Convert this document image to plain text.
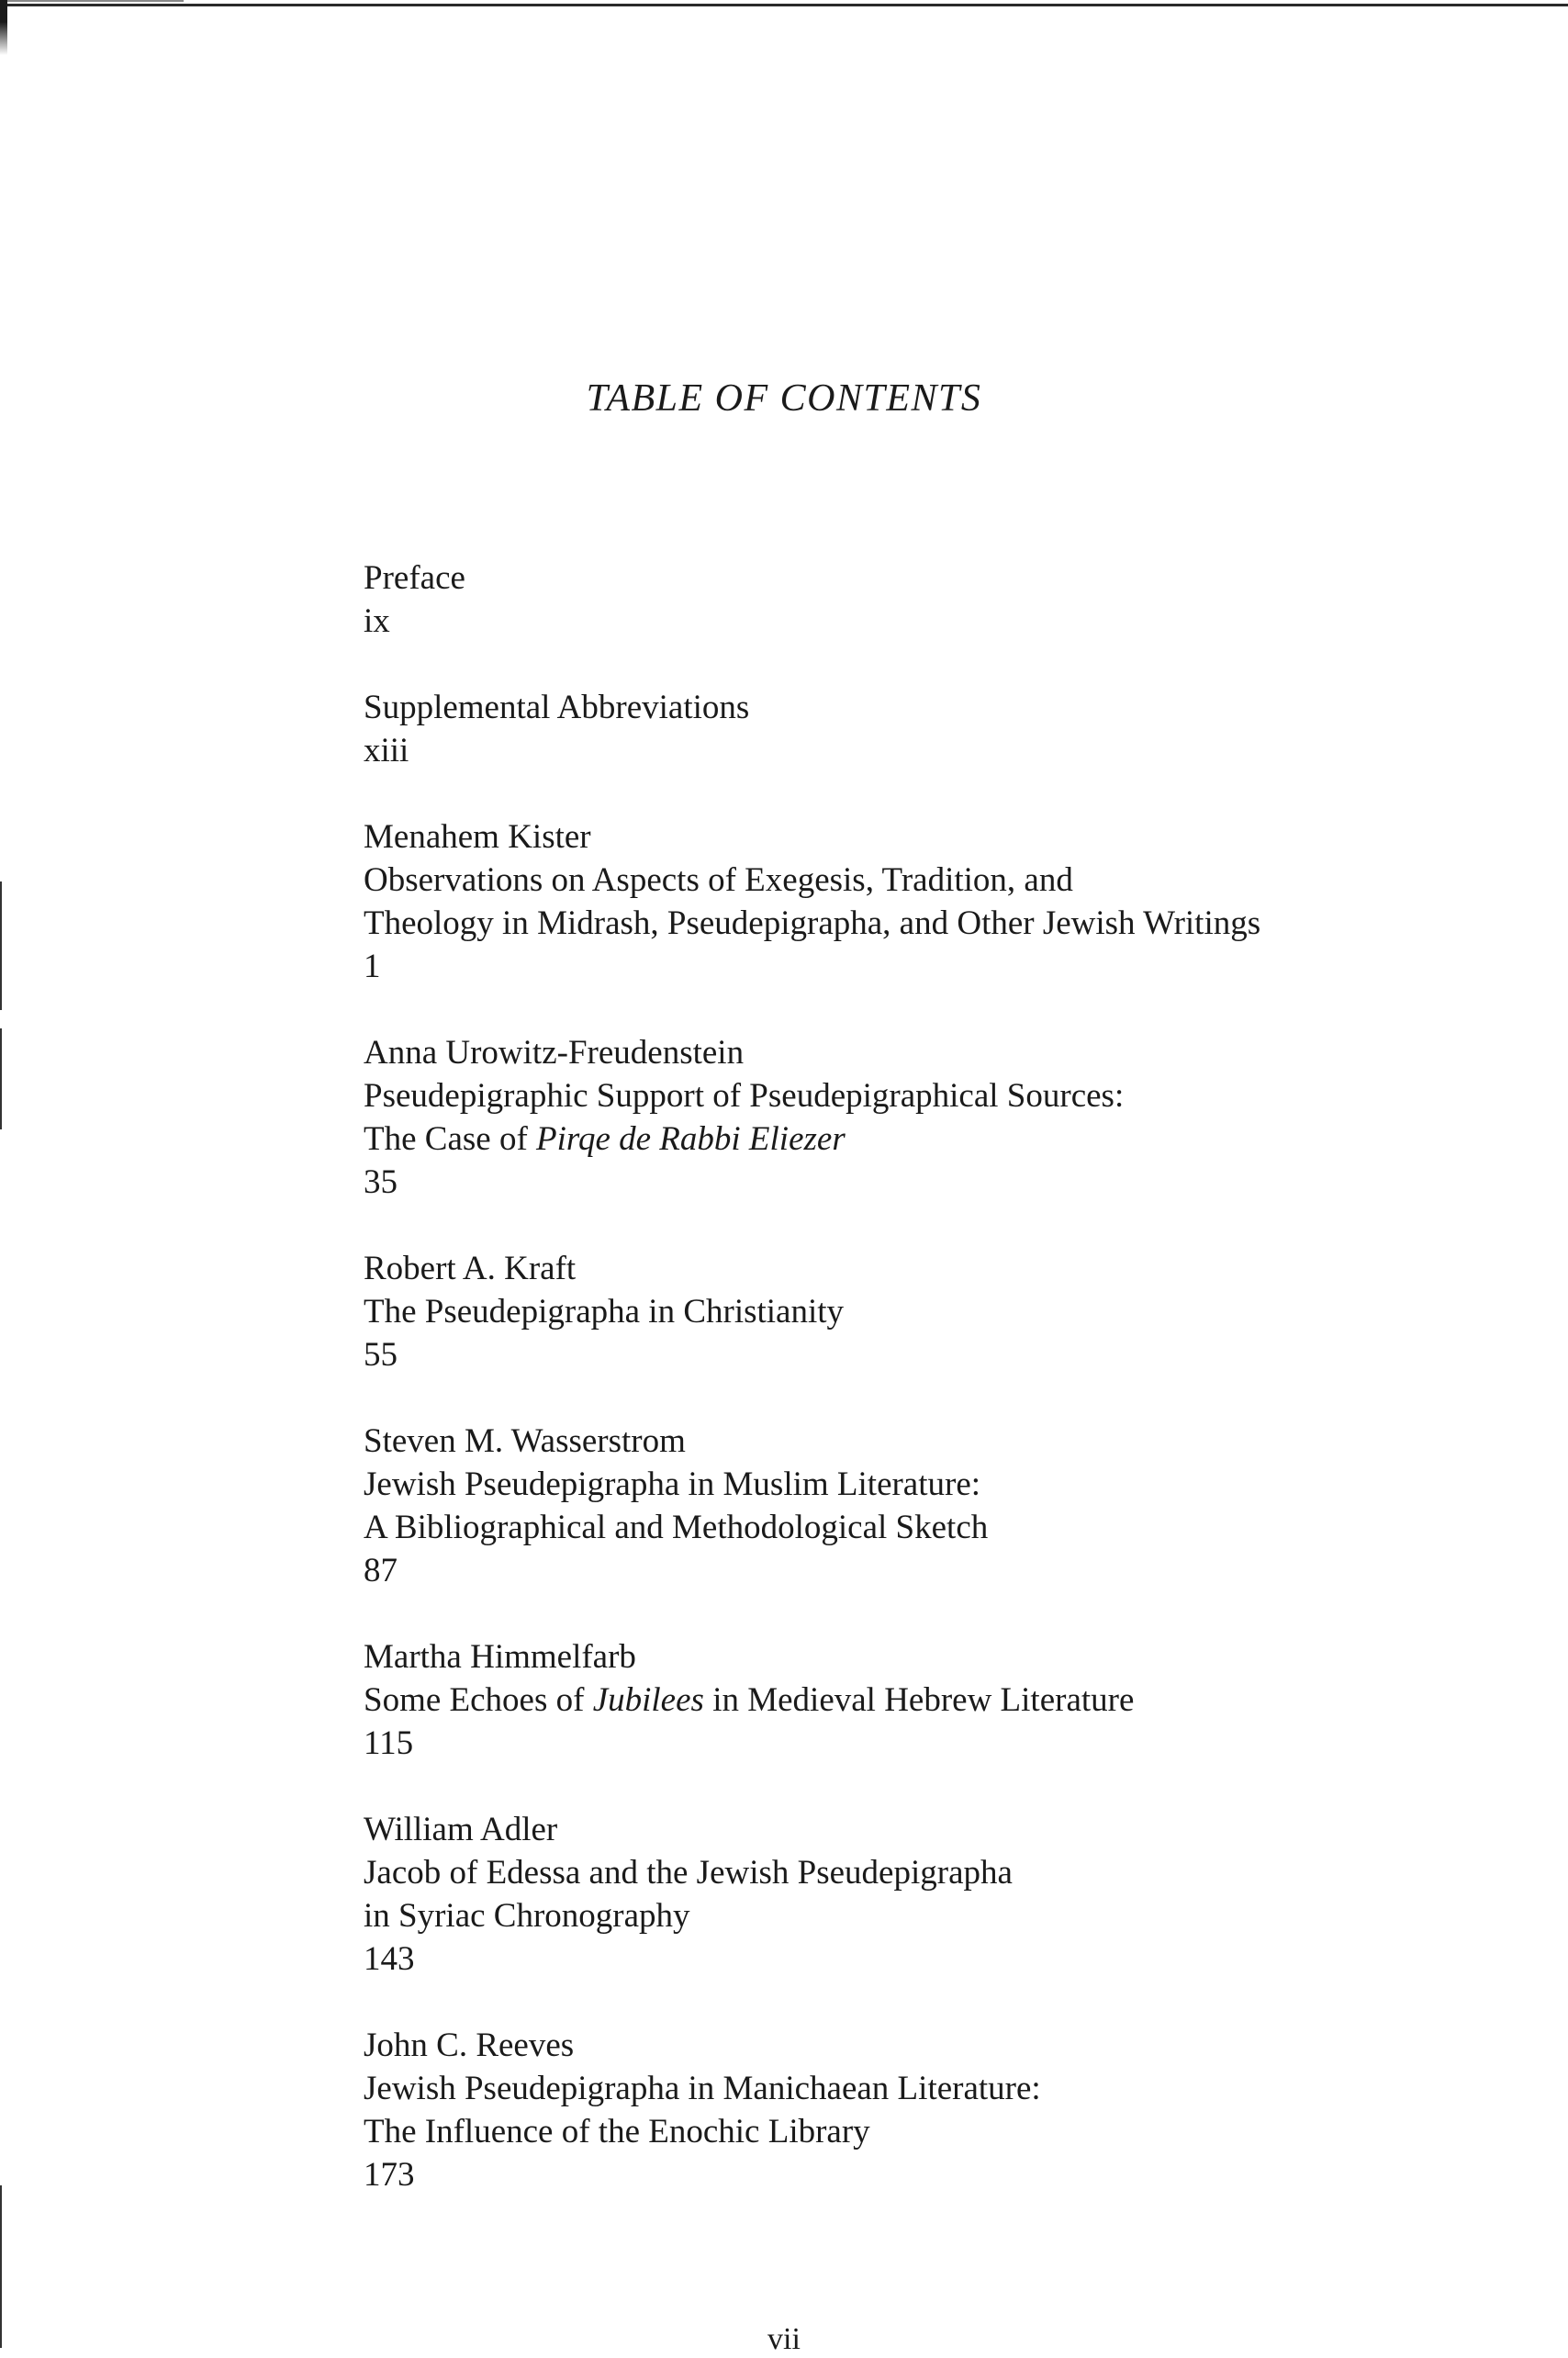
TABLE OF CONTENTS
Preface
ix
Supplemental Abbreviations
xiii
Menahem Kister
Observations on Aspects of Exegesis, Tradition, and
Theology in Midrash, Pseudepigrapha, and Other Jewish Writings
1
Anna Urowitz-Freudenstein
Pseudepigraphic Support of Pseudepigraphical Sources:
The Case of Pirqe de Rabbi Eliezer
35
Robert A. Kraft
The Pseudepigrapha in Christianity
55
Steven M. Wasserstrom
Jewish Pseudepigrapha in Muslim Literature:
A Bibliographical and Methodological Sketch
87
Martha Himmelfarb
Some Echoes of Jubilees in Medieval Hebrew Literature
115
William Adler
Jacob of Edessa and the Jewish Pseudepigrapha
in Syriac Chronography
143
John C. Reeves
Jewish Pseudepigrapha in Manichaean Literature:
The Influence of the Enochic Library
173
vii
